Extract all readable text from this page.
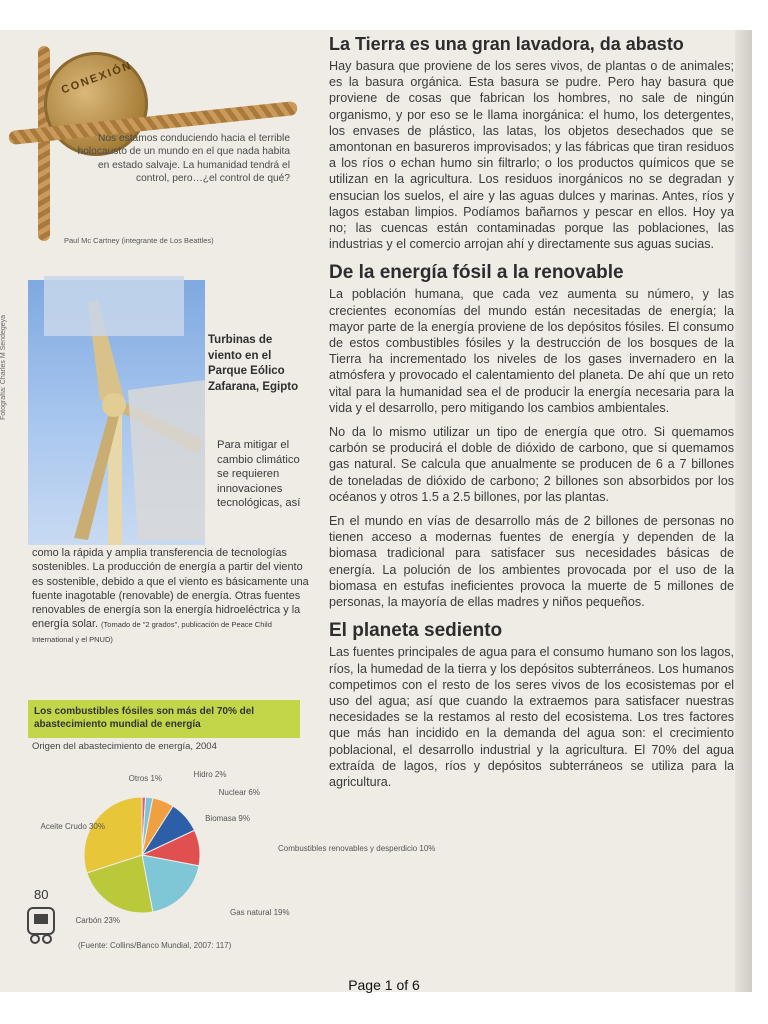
CONEXIÓN
Nos estamos conduciendo hacia el terrible holocausto de un mundo en el que nada habita en estado salvaje. La humanidad tendrá el control, pero…¿el control de qué?
Paul Mc Cartney (integrante de Los Beattles)
Fotografía: Charles M Sendegeya	Turbinas de viento en el Parque Eólico Zafarana, Egipto
Para mitigar el cambio climático se requieren innovaciones tecnológicas, así
como la rápida y amplia transferencia de tecnologías sostenibles. La producción de energía a partir del viento es sostenible, debido a que el viento es básicamente una fuente inagotable (renovable) de energía. Otras fuentes renovables de energía son la energía hidroeléctrica y la energía solar. (Tomado de "2 grados", publicación de Peace Child International y el PNUD)
Los combustibles fósiles son más del 70% del abastecimiento mundial de energía
Origen del abastecimiento de energía, 2004
Otros 1%	Hidro 2%
Nuclear 6%
Biomasa 9%
Combustibles renovables y desperdicio 10%
Gas natural 19%
Carbón 23%
Aceite Crudo 30%
(Fuente: Collins/Banco Mundial, 2007: 117)
80
La Tierra es una gran lavadora, da abasto

Hay basura que proviene de los seres vivos, de plantas o de animales; es la basura orgánica. Esta basura se pudre. Pero hay basura que proviene de cosas que fabrican los hombres, no sale de ningún organismo, y por eso se le llama inorgánica: el humo, los detergentes, los envases de plástico, las latas, los objetos desechados que se amontonan en basureros improvisados; y las fábricas que tiran residuos a los ríos o echan humo sin filtrarlo; o los productos químicos que se utilizan en la agricultura. Los residuos inorgánicos no se degradan y ensucian los suelos, el aire y las aguas dulces y marinas. Antes, ríos y lagos estaban limpios. Podíamos bañarnos y pescar en ellos. Hoy ya no; las cuencas están contaminadas porque las poblaciones, las industrias y el comercio arrojan ahí y directamente sus aguas sucias.

De la energía fósil a la renovable

La población humana, que cada vez aumenta su número, y las crecientes economías del mundo están necesitadas de energía; la mayor parte de la energía proviene de los depósitos fósiles. El consumo de estos combustibles fósiles y la destrucción de los bosques de la Tierra ha incrementado los niveles de los gases invernadero en la atmósfera y provocado el calentamiento del planeta. De ahí que un reto vital para la humanidad sea el de producir la energía necesaria para la vida y el desarrollo, pero mitigando los cambios ambientales.

No da lo mismo utilizar un tipo de energía que otro. Si quemamos carbón se producirá el doble de dióxido de carbono, que si quemamos gas natural. Se calcula que anualmente se producen de 6 a 7 billones de toneladas de dióxido de carbono; 2 billones son absorbidos por los océanos y otros 1.5 a 2.5 billones, por las plantas.

En el mundo en vías de desarrollo más de 2 billones de personas no tienen acceso a modernas fuentes de energía y dependen de la biomasa tradicional para satisfacer sus necesidades básicas de energía. La polución de los ambientes provocada por el uso de la biomasa en estufas ineficientes provoca la muerte de 5 millones de personas, la mayoría de ellas madres y niños pequeños.

El planeta sediento

Las fuentes principales de agua para el consumo humano son los lagos, ríos, la humedad de la tierra y los depósitos subterráneos. Los humanos competimos con el resto de los seres vivos de los ecosistemas por el uso del agua; así que cuando la extraemos para satisfacer nuestras necesidades se la restamos al resto del ecosistema. Los tres factores que más han incidido en la demanda del agua son: el crecimiento poblacional, el desarrollo industrial y la agricultura. El 70% del agua extraída de lagos, ríos y depósitos subterráneos se utiliza para la agricultura.

Page 1 of 6
